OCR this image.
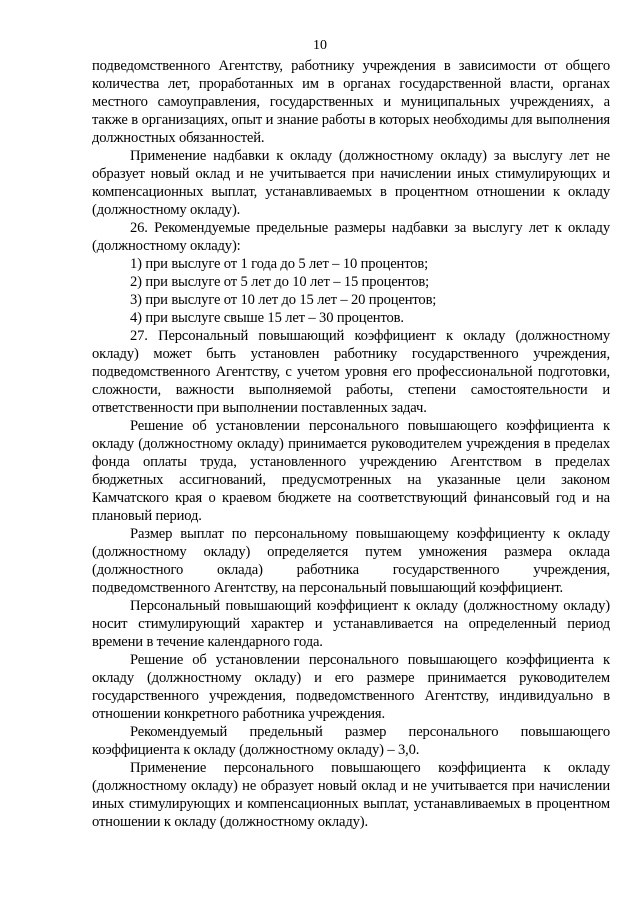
10

подведомственного Агентству, работнику учреждения в зависимости от общего количества лет, проработанных им в органах государственной власти, органах местного самоуправления, государственных и муниципальных учреждениях, а также в организациях, опыт и знание работы в которых необходимы для выполнения должностных обязанностей.

Применение надбавки к окладу (должностному окладу) за выслугу лет не образует новый оклад и не учитывается при начислении иных стимулирующих и компенсационных выплат, устанавливаемых в процентном отношении к окладу (должностному окладу).

26. Рекомендуемые предельные размеры надбавки за выслугу лет к окладу (должностному окладу):

1) при выслуге от 1 года до 5 лет – 10 процентов;

2) при выслуге от 5 лет до 10 лет – 15 процентов;

3) при выслуге от 10 лет до 15 лет – 20 процентов;

4) при выслуге свыше 15 лет – 30 процентов.

27. Персональный повышающий коэффициент к окладу (должностному окладу) может быть установлен работнику государственного учреждения, подведомственного Агентству, с учетом уровня его профессиональной подготовки, сложности, важности выполняемой работы, степени самостоятельности и ответственности при выполнении поставленных задач.

Решение об установлении персонального повышающего коэффициента к окладу (должностному окладу) принимается руководителем учреждения в пределах фонда оплаты труда, установленного учреждению Агентством в пределах бюджетных ассигнований, предусмотренных на указанные цели законом Камчатского края о краевом бюджете на соответствующий финансовый год и на плановый период.

Размер выплат по персональному повышающему коэффициенту к окладу (должностному окладу) определяется путем умножения размера оклада (должностного оклада) работника государственного учреждения, подведомственного Агентству, на персональный повышающий коэффициент.

Персональный повышающий коэффициент к окладу (должностному окладу) носит стимулирующий характер и устанавливается на определенный период времени в течение календарного года.

Решение об установлении персонального повышающего коэффициента к окладу (должностному окладу) и его размере принимается руководителем государственного учреждения, подведомственного Агентству, индивидуально в отношении конкретного работника учреждения.

Рекомендуемый предельный размер персонального повышающего коэффициента к окладу (должностному окладу) – 3,0.

Применение персонального повышающего коэффициента к окладу (должностному окладу) не образует новый оклад и не учитывается при начислении иных стимулирующих и компенсационных выплат, устанавливаемых в процентном отношении к окладу (должностному окладу).
